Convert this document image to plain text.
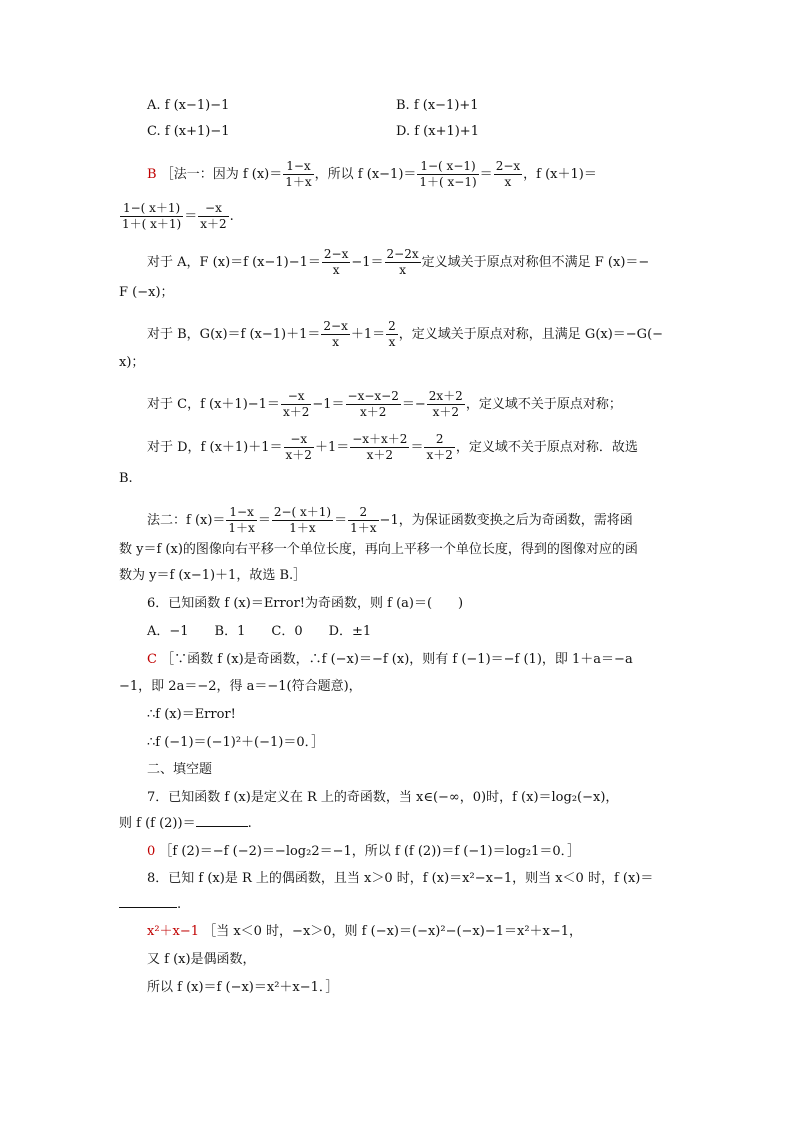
A. f (x−1)−1	B. f (x−1)+1
C. f (x+1)−1	D. f (x+1)+1
B ［法一：因为 f $(x)= \frac{1-x}{1+x}$ ，所以 f $(x-1)= \frac{1-( x-1)}{1+( x-1)} = \frac{2-x}{x}$ ，f (x＋1)＝
$\frac{1-( x+1)}{1+( x+1)} = \frac{-x}{x+2}$ .
对于 A，F (x)＝f $(x-1)-1= \frac{2-x}{x} -1= \frac{2-2x}{x}$ 定义域关于原点对称但不满足 F (x)＝−
F (−x)；
对于 B，G(x)＝f $(x-1)+1= \frac{2-x}{x} +1= \frac{2}{x}$ ，定义域关于原点对称，且满足 G(x)＝−G(−
x)；
对于 C，f $(x+1)-1= \frac{-x}{x+2} -1= \frac{-x-x-2}{x+2} =- \frac{2x+2}{x+2}$ ，定义域不关于原点对称；
对于 D，f $(x+1)+1= \frac{-x}{x+2} +1= \frac{-x+x+2}{x+2} = \frac{2}{x+2}$ ，定义域不关于原点对称．故选
B.
法二：f $(x)= \frac{1-x}{1+x} = \frac{2-( x+1)}{1+x} = \frac{2}{1+x} -1$，为保证函数变换之后为奇函数，需将函
数 y＝f (x)的图像向右平移一个单位长度，再向上平移一个单位长度，得到的图像对应的函
数为 y＝f (x−1)＋1，故选 B.］
6．已知函数 f (x)＝Error!为奇函数，则 f (a)＝(　　)
A．−1　　B．1　　C．0　　D．±1
C ［∵函数 f (x)是奇函数，∴f (−x)＝−f (x)，则有 f (−1)＝−f (1)，即 1＋a＝−a
−1，即 2a＝−2，得 a＝−1(符合题意)，
∴f (x)＝Error!
∴f (−1)＝(−1)²＋(−1)＝0．］
二、填空题
7．已知函数 f (x)是定义在 R 上的奇函数，当 x∈(−∞，0)时，f (x)＝log₂(−x)，
则 f (f (2))＝	.
0 ［f (2)＝−f (−2)＝−log₂2＝−1，所以 f (f (2))＝f (−1)＝log₂1＝0．］
8．已知 f (x)是 R 上的偶函数，且当 x＞0 时，f (x)＝x²−x−1，则当 x＜0 时，f (x)＝
.
x²＋x−1 ［当 x＜0 时，−x＞0，则 f (−x)＝(−x)²−(−x)−1＝x²＋x−1，
又 f (x)是偶函数，
所以 f (x)＝f (−x)＝x²＋x−1．］
